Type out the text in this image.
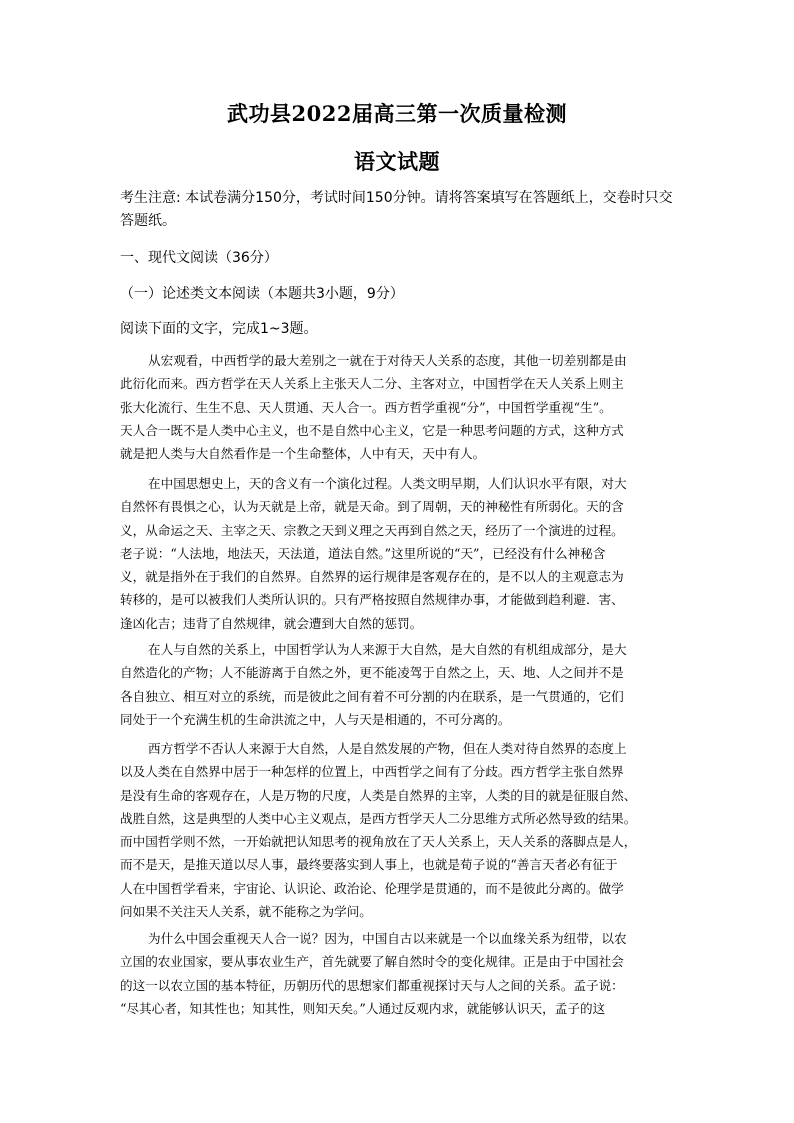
武功县2022届高三第一次质量检测
语文试题
考生注意: 本试卷满分150分，考试时间150分钟。请将答案填写在答题纸上，交卷时只交
答题纸。
一、现代文阅读（36分）
（一）论述类文本阅读（本题共3小题，9分）
阅读下面的文字，完成1~3题。
从宏观看，中西哲学的最大差别之一就在于对待天人关系的态度，其他一切差别都是由
此衍化而来。西方哲学在天人关系上主张天人二分、主客对立，中国哲学在天人关系上则主
张大化流行、生生不息、天人贯通、天人合一。西方哲学重视“分”，中国哲学重视“生”。
天人合一既不是人类中心主义，也不是自然中心主义，它是一种思考问题的方式，这种方式
就是把人类与大自然看作是一个生命整体，人中有天，天中有人。
在中国思想史上，天的含义有一个演化过程。人类文明早期，人们认识水平有限，对大
自然怀有畏惧之心，认为天就是上帝，就是天命。到了周朝，天的神秘性有所弱化。天的含
义，从命运之天、主宰之天、宗教之天到义理之天再到自然之天，经历了一个演进的过程。
老子说：“人法地，地法天，天法道，道法自然。”这里所说的“天”，已经没有什么神秘含
义，就是指外在于我们的自然界。自然界的运行规律是客观存在的，是不以人的主观意志为
转移的，是可以被我们人类所认识的。只有严格按照自然规律办事，才能做到趋利避．害、
逢凶化吉；违背了自然规律，就会遭到大自然的惩罚。
在人与自然的关系上，中国哲学认为人来源于大自然，是大自然的有机组成部分，是大
自然造化的产物；人不能游离于自然之外，更不能凌驾于自然之上，天、地、人之间并不是
各自独立、相互对立的系统，而是彼此之间有着不可分割的内在联系，是一气贯通的，它们
同处于一个充满生机的生命洪流之中，人与天是相通的，不可分离的。
西方哲学不否认人来源于大自然，人是自然发展的产物，但在人类对待自然界的态度上
以及人类在自然界中居于一种怎样的位置上，中西哲学之间有了分歧。西方哲学主张自然界
是没有生命的客观存在，人是万物的尺度，人类是自然界的主宰，人类的目的就是征服自然、
战胜自然，这是典型的人类中心主义观点，是西方哲学天人二分思维方式所必然导致的结果。
而中国哲学则不然，一开始就把认知思考的视角放在了天人关系上，天人关系的落脚点是人，
而不是天，是推天道以尽人事，最终要落实到人事上，也就是荀子说的“善言天者必有征于
人在中国哲学看来，宇宙论、认识论、政治论、伦理学是贯通的，而不是彼此分离的。做学
问如果不关注天人关系，就不能称之为学问。
为什么中国会重视天人合一说？因为，中国自古以来就是一个以血缘关系为纽带，以农
立国的农业国家，要从事农业生产，首先就要了解自然时令的变化规律。正是由于中国社会
的这一以农立国的基本特征，历朝历代的思想家们都重视探讨天与人之间的关系。孟子说：
“尽其心者，知其性也；知其性，则知天矣。”人通过反观内求，就能够认识天，孟子的这
